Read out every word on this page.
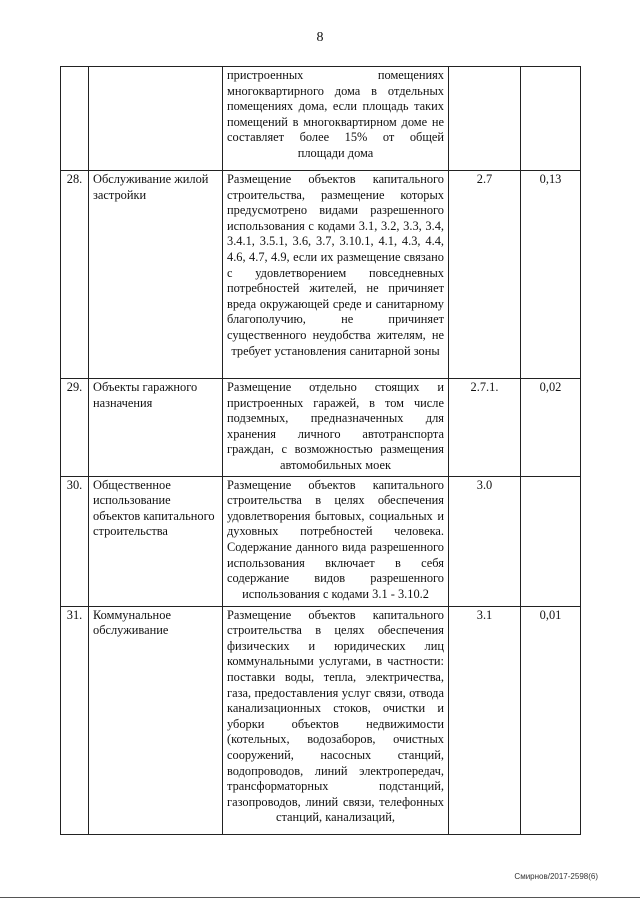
8
		пристроенных помещениях многоквартирного дома в отдельных помещениях дома, если площадь таких помещений в многоквартирном доме не составляет более 15% от общей площади дома		
28.	Обслуживание жилой застройки	Размещение объектов капитального строительства, размещение которых предусмотрено видами разрешенного использования с кодами 3.1, 3.2, 3.3, 3.4, 3.4.1, 3.5.1, 3.6, 3.7, 3.10.1, 4.1, 4.3, 4.4, 4.6, 4.7, 4.9, если их размещение связано с удовлетворением повседневных потребностей жителей, не причиняет вреда окружающей среде и санитарному благополучию, не причиняет существенного неудобства жителям, не требует установления санитарной зоны	2.7	0,13
29.	Объекты гаражного назначения	Размещение отдельно стоящих и пристроенных гаражей, в том числе подземных, предназначенных для хранения личного автотранспорта граждан, с возможностью размещения автомобильных моек	2.7.1.	0,02
30.	Общественное использование объектов капитального строительства	Размещение объектов капитального строительства в целях обеспечения удовлетворения бытовых, социальных и духовных потребностей человека. Содержание данного вида разрешенного использования включает в себя содержание видов разрешенного использования с кодами 3.1 - 3.10.2	3.0	
31.	Коммунальное обслуживание	Размещение объектов капитального строительства в целях обеспечения физических и юридических лиц коммунальными услугами, в частности: поставки воды, тепла, электричества, газа, предоставления услуг связи, отвода канализационных стоков, очистки и уборки объектов недвижимости (котельных, водозаборов, очистных сооружений, насосных станций, водопроводов, линий электропередач, трансформаторных подстанций, газопроводов, линий связи, телефонных станций, канализаций,	3.1	0,01
Смирнов/2017-2598(6)
